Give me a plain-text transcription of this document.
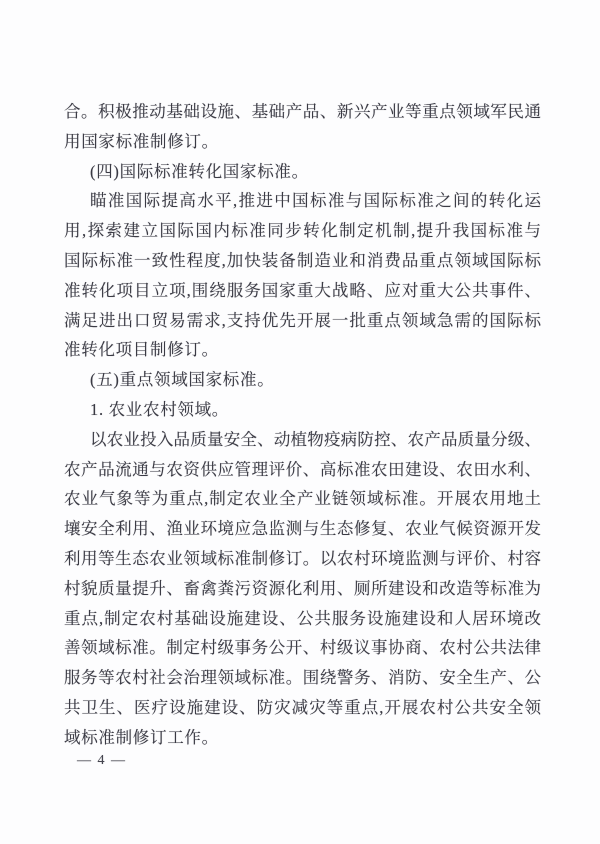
合。积极推动基础设施、基础产品、新兴产业等重点领域军民通
用国家标准制修订。
(四)国际标准转化国家标准。
瞄准国际提高水平,推进中国标准与国际标准之间的转化运
用,探索建立国际国内标准同步转化制定机制,提升我国标准与
国际标准一致性程度,加快装备制造业和消费品重点领域国际标
准转化项目立项,围绕服务国家重大战略、应对重大公共事件、
满足进出口贸易需求,支持优先开展一批重点领域急需的国际标
准转化项目制修订。
(五)重点领域国家标准。
1. 农业农村领域。
以农业投入品质量安全、动植物疫病防控、农产品质量分级、
农产品流通与农资供应管理评价、高标准农田建设、农田水利、
农业气象等为重点,制定农业全产业链领域标准。开展农用地土
壤安全利用、渔业环境应急监测与生态修复、农业气候资源开发
利用等生态农业领域标准制修订。以农村环境监测与评价、村容
村貌质量提升、畜禽粪污资源化利用、厕所建设和改造等标准为
重点,制定农村基础设施建设、公共服务设施建设和人居环境改
善领域标准。制定村级事务公开、村级议事协商、农村公共法律
服务等农村社会治理领域标准。围绕警务、消防、安全生产、公
共卫生、医疗设施建设、防灾减灾等重点,开展农村公共安全领
域标准制修订工作。
— 4 —
